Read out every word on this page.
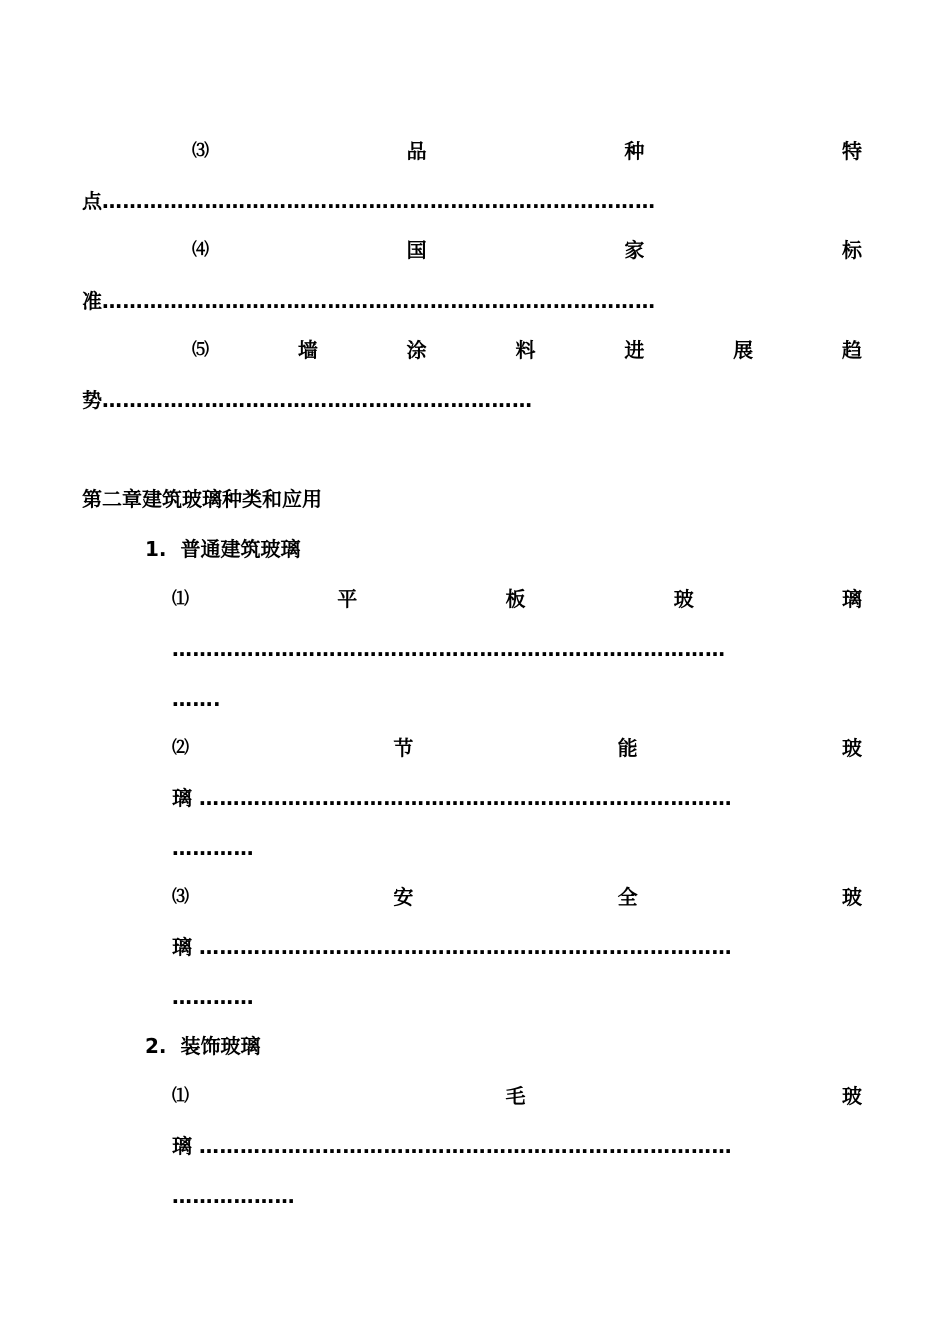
⑶	品	种	特
点………………………………………………………………………
⑷	国	家	标
准………………………………………………………………………
⑸	墙	涂	料	进	展	趋
势………………………………………………………
第二章建筑玻璃种类和应用
1.  普通建筑玻璃
⑴	平	板	玻	璃
………………………………………………………………………
…….
⑵	节	能	玻
璃 ……………………………………………………………………
…………
⑶	安	全	玻
璃 ……………………………………………………………………
…………
2.  装饰玻璃
⑴	毛	玻
璃 ……………………………………………………………………
………………
